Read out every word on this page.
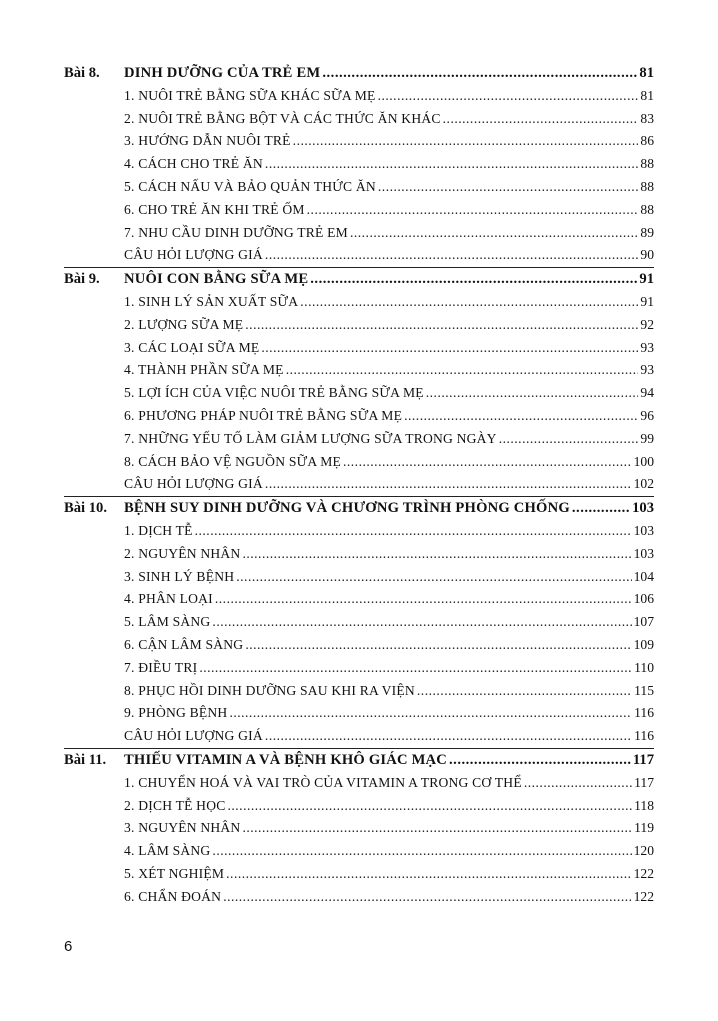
Bài 8.	DINH DƯỠNG CỦA TRẺ EM .....	81
1. NUÔI TRẺ BẰNG SỮA KHÁC SỮA MẸ .....	81
2. NUÔI TRẺ BẰNG BỘT VÀ CÁC THỨC ĂN KHÁC .....	83
3. HƯỚNG DẪN NUÔI TRẺ .....	86
4. CÁCH CHO TRẺ ĂN .....	88
5. CÁCH NẤU VÀ BẢO QUẢN THỨC ĂN .....	88
6. CHO TRẺ ĂN KHI TRẺ ỐM .....	88
7. NHU CẦU DINH DƯỠNG TRẺ EM .....	89
CÂU HỎI LƯỢNG GIÁ .....	90
Bài 9.	NUÔI CON BẰNG SỮA MẸ .....	91
1. SINH LÝ SẢN XUẤT SỮA .....	91
2. LƯỢNG SỮA MẸ .....	92
3. CÁC LOẠI SỮA MẸ .....	93
4. THÀNH PHẦN SỮA MẸ .....	93
5. LỢI ÍCH CỦA VIỆC NUÔI TRẺ BẰNG SỮA MẸ .....	94
6. PHƯƠNG PHÁP NUÔI TRẺ BẰNG SỮA MẸ .....	96
7. NHỮNG YẾU TỐ LÀM GIẢM LƯỢNG SỮA TRONG NGÀY .....	99
8. CÁCH BẢO VỆ NGUỒN SỮA MẸ .....	100
CÂU HỎI LƯỢNG GIÁ .....	102
Bài 10.	BỆNH SUY DINH DƯỠNG VÀ CHƯƠNG TRÌNH PHÒNG CHỐNG .....	103
1. DỊCH TỄ .....	103
2. NGUYÊN NHÂN .....	103
3. SINH LÝ BỆNH .....	104
4. PHÂN LOẠI .....	106
5. LÂM SÀNG .....	107
6. CẬN LÂM SÀNG .....	109
7. ĐIỀU TRỊ .....	110
8. PHỤC HỒI DINH DƯỠNG SAU KHI RA VIỆN .....	115
9. PHÒNG BỆNH .....	116
CÂU HỎI LƯỢNG GIÁ .....	116
Bài 11.	THIẾU VITAMIN A VÀ BỆNH KHÔ GIÁC MẠC .....	117
1. CHUYỂN HOÁ VÀ VAI TRÒ CỦA VITAMIN A TRONG CƠ THỂ .....	117
2. DỊCH TỄ HỌC .....	118
3. NGUYÊN NHÂN .....	119
4. LÂM SÀNG .....	120
5. XÉT NGHIỆM .....	122
6. CHẨN ĐOÁN .....	122
6
